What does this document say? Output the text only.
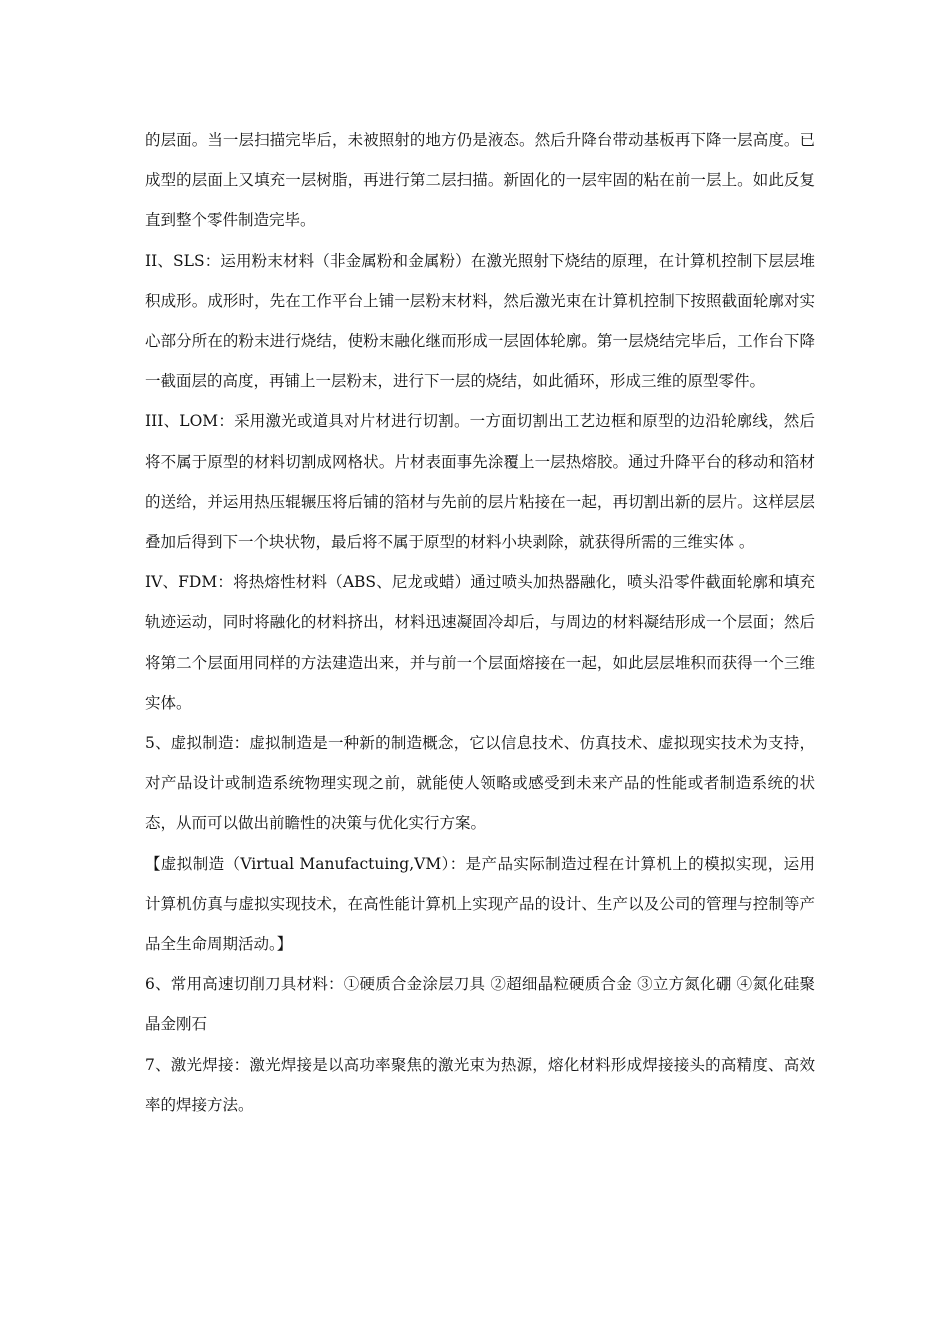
的层面。当一层扫描完毕后，未被照射的地方仍是液态。然后升降台带动基板再下降一层高度。已成型的层面上又填充一层树脂，再进行第二层扫描。新固化的一层牢固的粘在前一层上。如此反复直到整个零件制造完毕。

II、SLS：运用粉末材料（非金属粉和金属粉）在激光照射下烧结的原理，在计算机控制下层层堆积成形。成形时，先在工作平台上铺一层粉末材料，然后激光束在计算机控制下按照截面轮廓对实心部分所在的粉末进行烧结，使粉末融化继而形成一层固体轮廓。第一层烧结完毕后，工作台下降一截面层的高度，再铺上一层粉末，进行下一层的烧结，如此循环，形成三维的原型零件。

III、LOM：采用激光或道具对片材进行切割。一方面切割出工艺边框和原型的边沿轮廓线，然后将不属于原型的材料切割成网格状。片材表面事先涂覆上一层热熔胶。通过升降平台的移动和箔材的送给，并运用热压辊辗压将后铺的箔材与先前的层片粘接在一起，再切割出新的层片。这样层层叠加后得到下一个块状物，最后将不属于原型的材料小块剥除，就获得所需的三维实体 。

IV、FDM：将热熔性材料（ABS、尼龙或蜡）通过喷头加热器融化，喷头沿零件截面轮廓和填充轨迹运动，同时将融化的材料挤出，材料迅速凝固冷却后，与周边的材料凝结形成一个层面；然后将第二个层面用同样的方法建造出来，并与前一个层面熔接在一起，如此层层堆积而获得一个三维实体。

5、虚拟制造：虚拟制造是一种新的制造概念，它以信息技术、仿真技术、虚拟现实技术为支持，对产品设计或制造系统物理实现之前，就能使人领略或感受到未来产品的性能或者制造系统的状态，从而可以做出前瞻性的决策与优化实行方案。

【虚拟制造（Virtual Manufactuing,VM）：是产品实际制造过程在计算机上的模拟实现，运用计算机仿真与虚拟实现技术，在高性能计算机上实现产品的设计、生产以及公司的管理与控制等产品全生命周期活动。】

6、常用高速切削刀具材料：①硬质合金涂层刀具 ②超细晶粒硬质合金 ③立方氮化硼 ④氮化硅聚晶金刚石

7、激光焊接：激光焊接是以高功率聚焦的激光束为热源，熔化材料形成焊接接头的高精度、高效率的焊接方法。
